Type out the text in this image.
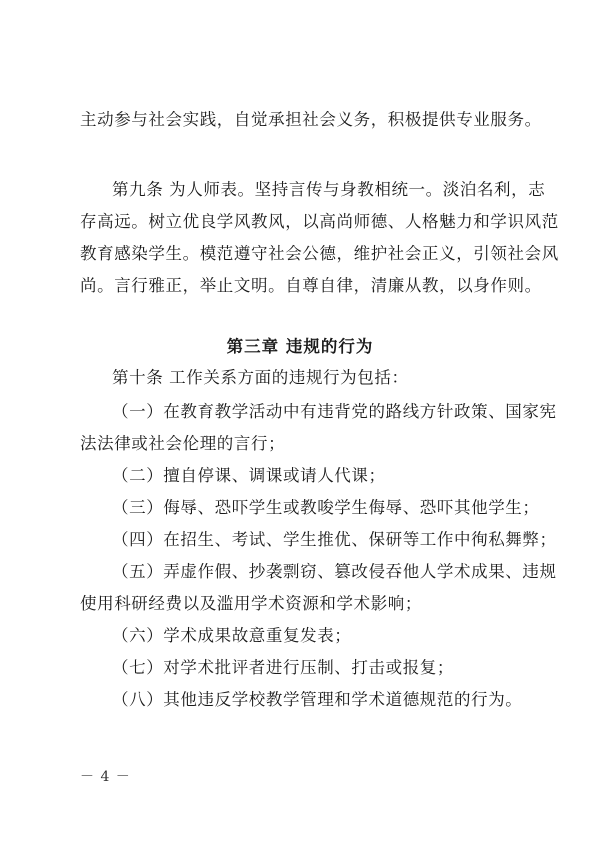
主动参与社会实践，自觉承担社会义务，积极提供专业服务。
第九条 为人师表。坚持言传与身教相统一。淡泊名利，志
存高远。树立优良学风教风，以高尚师德、人格魅力和学识风范
教育感染学生。模范遵守社会公德，维护社会正义，引领社会风
尚。言行雅正，举止文明。自尊自律，清廉从教，以身作则。
第三章 违规的行为
第十条 工作关系方面的违规行为包括：
（一）在教育教学活动中有违背党的路线方针政策、国家宪
法法律或社会伦理的言行；
（二）擅自停课、调课或请人代课；
（三）侮辱、恐吓学生或教唆学生侮辱、恐吓其他学生；
（四）在招生、考试、学生推优、保研等工作中徇私舞弊；
（五）弄虚作假、抄袭剽窃、篡改侵吞他人学术成果、违规
使用科研经费以及滥用学术资源和学术影响；
（六）学术成果故意重复发表；
（七）对学术批评者进行压制、打击或报复；
（八）其他违反学校教学管理和学术道德规范的行为。
－ 4 －
